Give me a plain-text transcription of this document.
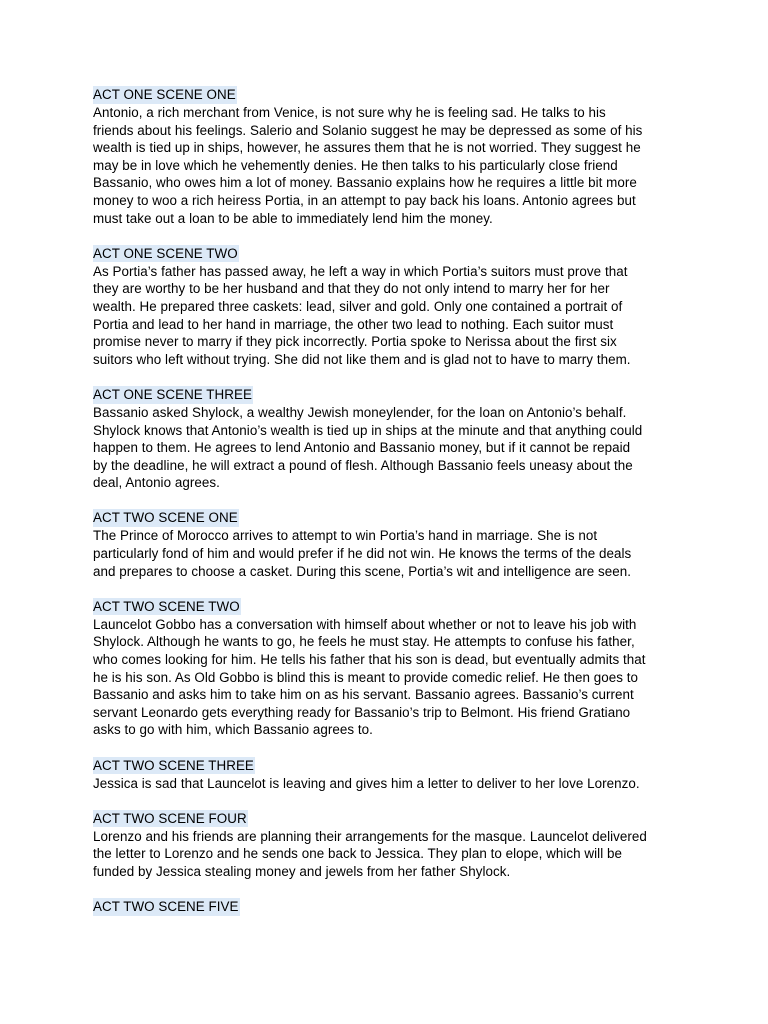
ACT ONE SCENE ONE

Antonio, a rich merchant from Venice, is not sure why he is feeling sad. He talks to his
friends about his feelings. Salerio and Solanio suggest he may be depressed as some of his
wealth is tied up in ships, however, he assures them that he is not worried. They suggest he
may be in love which he vehemently denies. He then talks to his particularly close friend
Bassanio, who owes him a lot of money. Bassanio explains how he requires a little bit more
money to woo a rich heiress Portia, in an attempt to pay back his loans. Antonio agrees but
must take out a loan to be able to immediately lend him the money.

ACT ONE SCENE TWO

As Portia’s father has passed away, he left a way in which Portia’s suitors must prove that
they are worthy to be her husband and that they do not only intend to marry her for her
wealth. He prepared three caskets: lead, silver and gold. Only one contained a portrait of
Portia and lead to her hand in marriage, the other two lead to nothing. Each suitor must
promise never to marry if they pick incorrectly. Portia spoke to Nerissa about the first six
suitors who left without trying. She did not like them and is glad not to have to marry them.

ACT ONE SCENE THREE

Bassanio asked Shylock, a wealthy Jewish moneylender, for the loan on Antonio’s behalf.
Shylock knows that Antonio’s wealth is tied up in ships at the minute and that anything could
happen to them. He agrees to lend Antonio and Bassanio money, but if it cannot be repaid
by the deadline, he will extract a pound of flesh. Although Bassanio feels uneasy about the
deal, Antonio agrees.

ACT TWO SCENE ONE

The Prince of Morocco arrives to attempt to win Portia’s hand in marriage. She is not
particularly fond of him and would prefer if he did not win. He knows the terms of the deals
and prepares to choose a casket. During this scene, Portia’s wit and intelligence are seen.

ACT TWO SCENE TWO

Launcelot Gobbo has a conversation with himself about whether or not to leave his job with
Shylock. Although he wants to go, he feels he must stay. He attempts to confuse his father,
who comes looking for him. He tells his father that his son is dead, but eventually admits that
he is his son. As Old Gobbo is blind this is meant to provide comedic relief. He then goes to
Bassanio and asks him to take him on as his servant. Bassanio agrees. Bassanio’s current
servant Leonardo gets everything ready for Bassanio’s trip to Belmont. His friend Gratiano
asks to go with him, which Bassanio agrees to.

ACT TWO SCENE THREE

Jessica is sad that Launcelot is leaving and gives him a letter to deliver to her love Lorenzo.

ACT TWO SCENE FOUR

Lorenzo and his friends are planning their arrangements for the masque. Launcelot delivered
the letter to Lorenzo and he sends one back to Jessica. They plan to elope, which will be
funded by Jessica stealing money and jewels from her father Shylock.

ACT TWO SCENE FIVE
